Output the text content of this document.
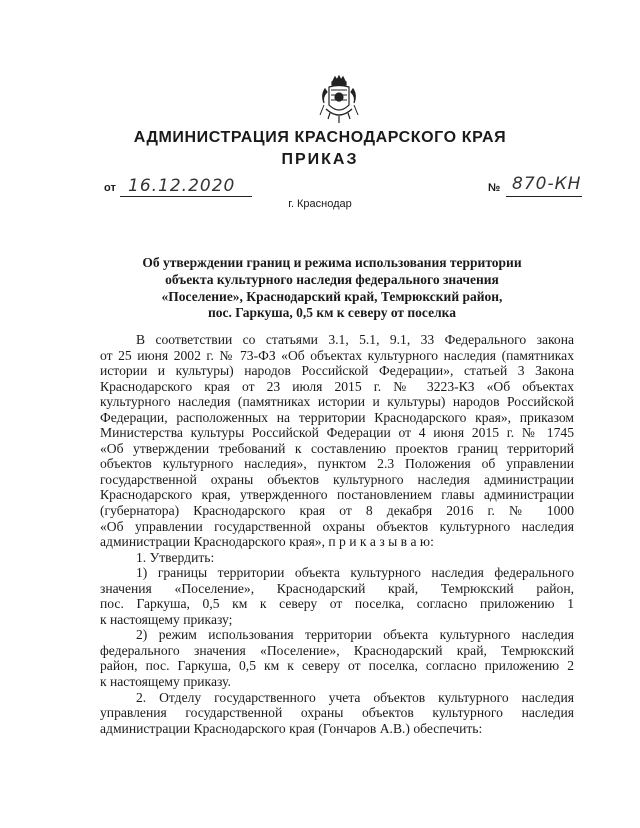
АДМИНИСТРАЦИЯ КРАСНОДАРСКОГО КРАЯ
ПРИКАЗ
от 16.12.2020	№ 870-КН
г. Краснодар
Об утверждении границ и режима использования территории
объекта культурного наследия федерального значения
«Поселение», Краснодарский край, Темрюкский район,
пос. Гаркуша, 0,5 км к северу от поселка
В соответствии со статьями 3.1, 5.1, 9.1, 33 Федерального закона
от 25 июня 2002 г. № 73-ФЗ «Об объектах культурного наследия (памятниках
истории и культуры) народов Российской Федерации», статьей 3 Закона
Краснодарского края от 23 июля 2015 г. № 3223-КЗ «Об объектах
культурного наследия (памятниках истории и культуры) народов Российской
Федерации, расположенных на территории Краснодарского края», приказом
Министерства культуры Российской Федерации от 4 июня 2015 г. № 1745
«Об утверждении требований к составлению проектов границ территорий
объектов культурного наследия», пунктом 2.3 Положения об управлении
государственной охраны объектов культурного наследия администрации
Краснодарского края, утвержденного постановлением главы администрации
(губернатора) Краснодарского края от 8 декабря 2016 г. № 1000
«Об управлении государственной охраны объектов культурного наследия
администрации Краснодарского края», п р и к а з ы в а ю:
1. Утвердить:
1) границы территории объекта культурного наследия федерального
значения «Поселение», Краснодарский край, Темрюкский район,
пос. Гаркуша, 0,5 км к северу от поселка, согласно приложению 1
к настоящему приказу;
2) режим использования территории объекта культурного наследия
федерального значения «Поселение», Краснодарский край, Темрюкский
район, пос. Гаркуша, 0,5 км к северу от поселка, согласно приложению 2
к настоящему приказу.
2. Отделу государственного учета объектов культурного наследия
управления государственной охраны объектов культурного наследия
администрации Краснодарского края (Гончаров А.В.) обеспечить:
